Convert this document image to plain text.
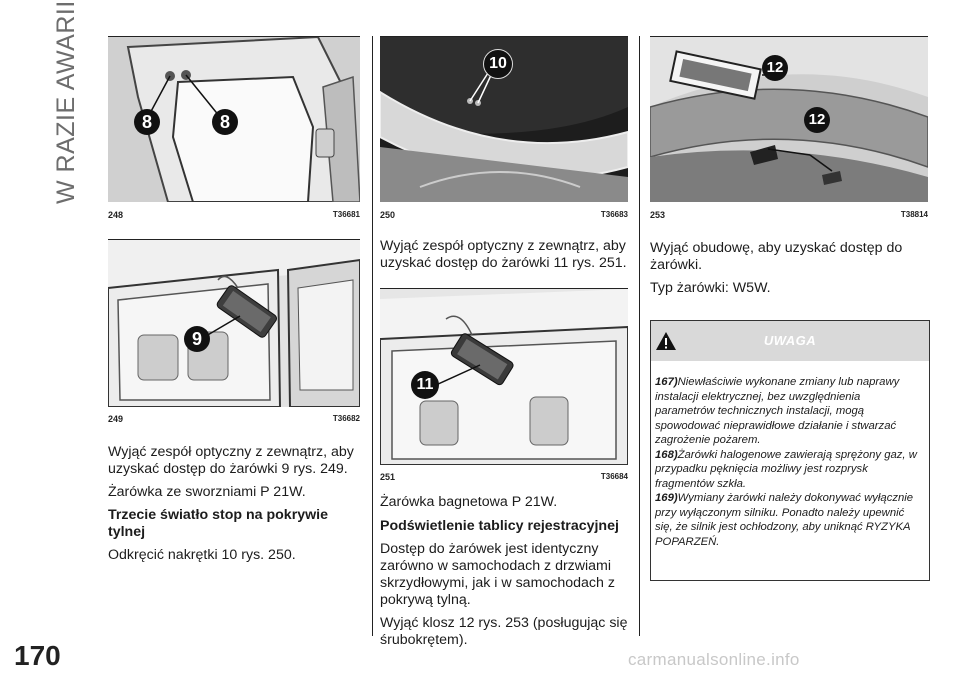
W RAZIE AWARII
170	carmanualsonline.info
8	8
248	T36681
9
249	T36682

Wyjąć zespół optyczny z zewnątrz, aby uzyskać dostęp do żarówki 9 rys. 249.

Żarówka ze sworzniami P 21W.

Trzecie światło stop na pokrywie tylnej

Odkręcić nakrętki 10 rys. 250.

10
250	T36683

Wyjąć zespół optyczny z zewnątrz, aby uzyskać dostęp do żarówki 11 rys. 251.

11
251	T36684

Żarówka bagnetowa P 21W.

Podświetlenie tablicy rejestracyjnej

Dostęp do żarówek jest identyczny zarówno w samochodach z drzwiami skrzydłowymi, jak i w samochodach z pokrywą tylną.

Wyjąć klosz 12 rys. 253 (posługując się śrubokrętem).

12
12
253	T38814

Wyjąć obudowę, aby uzyskać dostęp do żarówki.

Typ żarówki: W5W.

UWAGA
167)Niewłaściwie wykonane zmiany lub naprawy instalacji elektrycznej, bez uwzględnienia parametrów technicznych instalacji, mogą spowodować nieprawidłowe działanie i stwarzać zagrożenie pożarem.
168)Żarówki halogenowe zawierają sprężony gaz, w przypadku pęknięcia możliwy jest rozprysk fragmentów szkła.
169)Wymiany żarówki należy dokonywać wyłącznie przy wyłączonym silniku. Ponadto należy upewnić się, że silnik jest ochłodzony, aby uniknąć RYZYKA POPARZEŃ.
